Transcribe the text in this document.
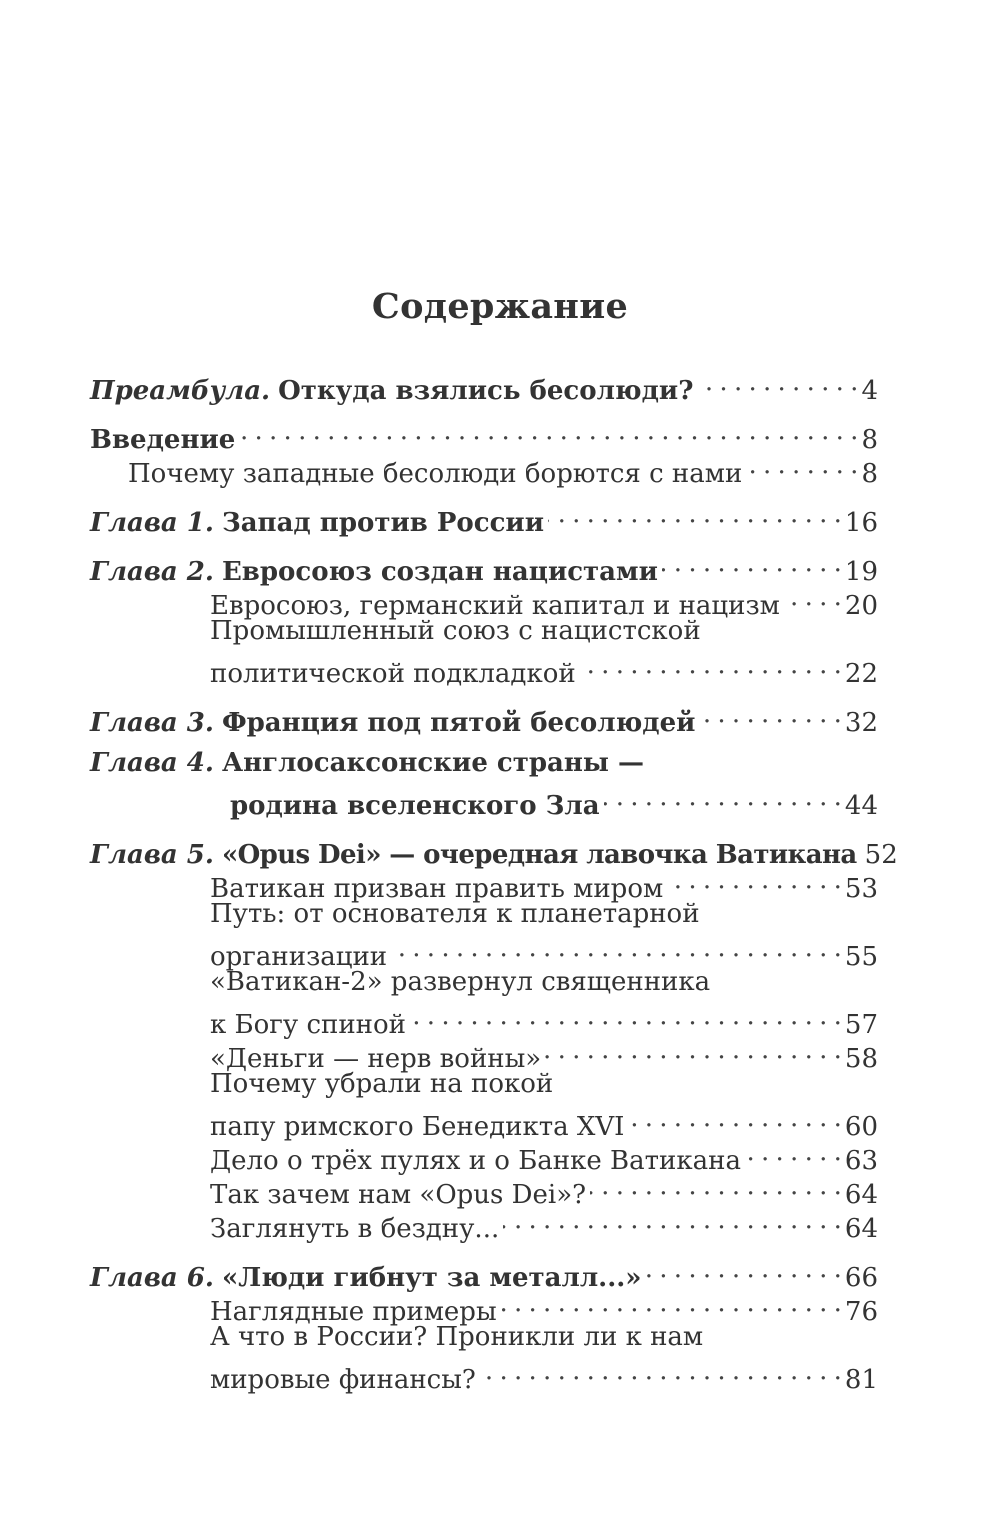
Содержание
Преамбула. Откуда взялись бесолюди? . . .	4
Введение . . .	8
Почему западные бесолюди борются с нами . . .	8
Глава 1. Запад против России . . .	16
Глава 2. Евросоюз создан нацистами . . .	19
Евросоюз, германский капитал и нацизм . . .	20
Промышленный союз с нацистской
политической подкладкой . . .	22
Глава 3. Франция под пятой бесолюдей . . .	32
Глава 4. Англосаксонские страны —
родина вселенского Зла . . .	44
Глава 5. «Opus Dei» — очередная лавочка Ватикана 52
Ватикан призван править миром . . .	53
Путь: от основателя к планетарной
организации . . .	55
«Ватикан-2» развернул священника
к Богу спиной . . .	57
«Деньги — нерв войны» . . .	58
Почему убрали на покой
папу римского Бенедикта XVI . . .	60
Дело о трёх пулях и о Банке Ватикана . . .	63
Так зачем нам «Opus Dei»? . . .	64
Заглянуть в бездну... . . .	64
Глава 6. «Люди гибнут за металл...» . . .	66
Наглядные примеры . . .	76
А что в России? Проникли ли к нам
мировые финансы? . . .	81
